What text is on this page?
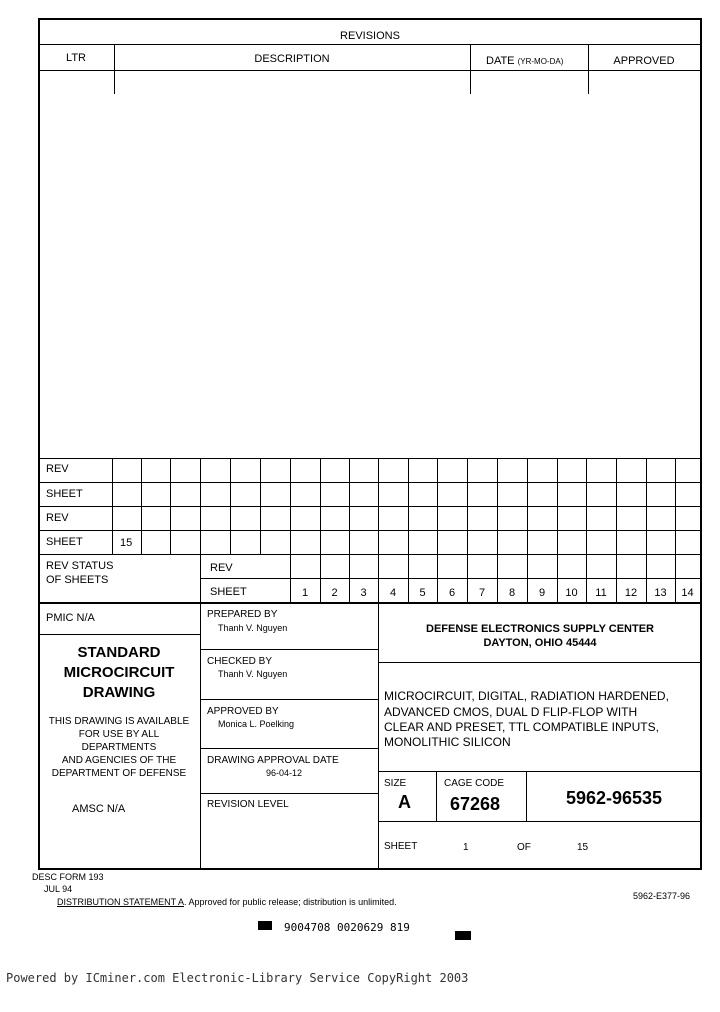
REVISIONS
LTR	DESCRIPTION	DATE (YR-MO-DA)	APPROVED
REV
SHEET
REV
SHEET	15
REV STATUS
OF SHEETS
REV
SHEET	1	2	3	4	5	6	7	8	9	10	11	12	13	14
PMIC N/A
STANDARD
MICROCIRCUIT
DRAWING
THIS DRAWING IS AVAILABLE
FOR USE BY ALL
DEPARTMENTS
AND AGENCIES OF THE
DEPARTMENT OF DEFENSE
AMSC N/A
PREPARED BY
Thanh V. Nguyen
CHECKED BY
Thanh V. Nguyen
APPROVED BY
Monica L. Poelking
DRAWING APPROVAL DATE
96-04-12
REVISION LEVEL
DEFENSE ELECTRONICS SUPPLY CENTER
DAYTON, OHIO 45444
MICROCIRCUIT, DIGITAL, RADIATION HARDENED,
ADVANCED CMOS, DUAL D FLIP-FLOP WITH
CLEAR AND PRESET, TTL COMPATIBLE INPUTS,
MONOLITHIC SILICON
SIZE
A
CAGE CODE
67268	5962-96535
SHEET	1	OF	15
DESC FORM 193
JUL 94
DISTRIBUTION STATEMENT A. Approved for public release; distribution is unlimited.
5962-E377-96
9004708 0020629 819
Powered by ICminer.com Electronic-Library Service CopyRight 2003
